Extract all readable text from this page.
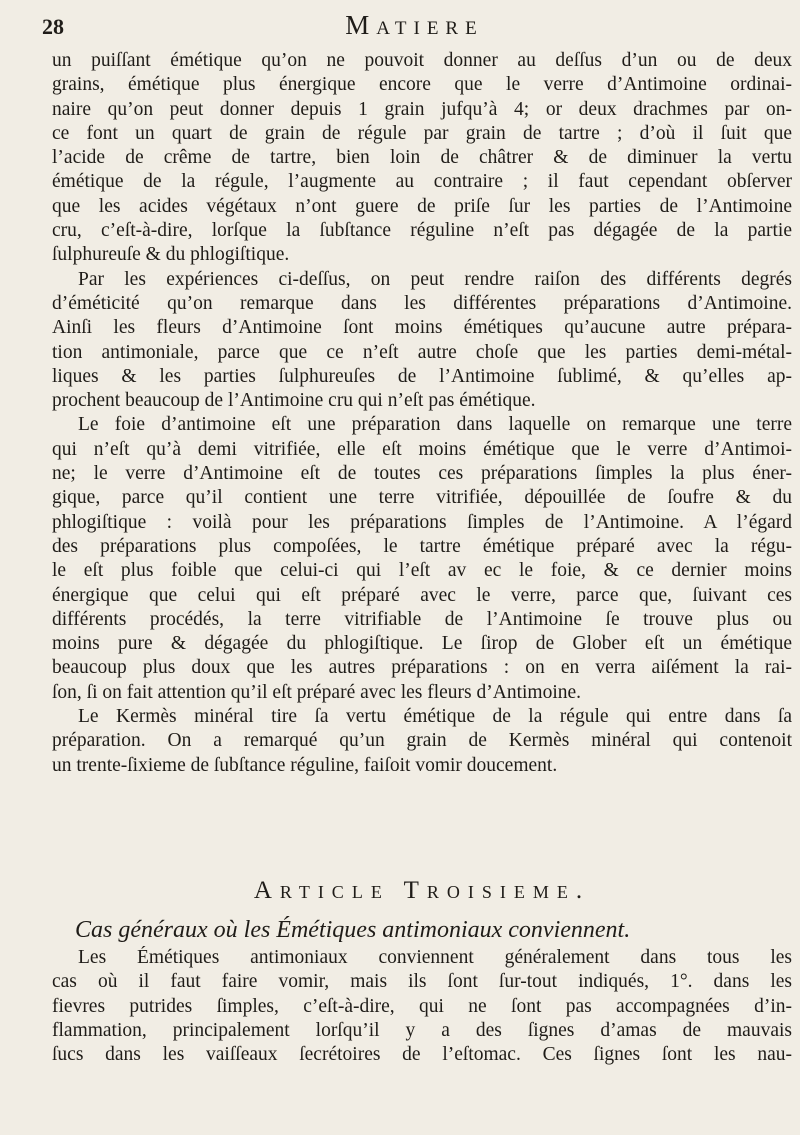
28	Matiere
un puiſſant émétique qu’on ne pouvoit donner au deſſus d’un ou de deux
grains, émétique plus énergique encore que le verre d’Antimoine ordinai-
naire qu’on peut donner depuis 1 grain jufqu’à 4; or deux drachmes par on-
ce font un quart de grain de régule par grain de tartre ; d’où il ſuit que
l’acide de crême de tartre, bien loin de châtrer & de diminuer la vertu
émétique de la régule, l’augmente au contraire ; il faut cependant obſerver
que les acides végétaux n’ont guere de priſe ſur les parties de l’Antimoine
cru, c’eſt-à-dire, lorſque la ſubſtance réguline n’eſt pas dégagée de la partie
ſulphureuſe & du phlogiſtique.
Par les expériences ci-deſſus, on peut rendre raiſon des différents degrés
d’éméticité qu’on remarque dans les différentes préparations d’Antimoine.
Ainſi les fleurs d’Antimoine ſont moins émétiques qu’aucune autre prépara-
tion antimoniale, parce que ce n’eſt autre choſe que les parties demi-métal-
liques & les parties ſulphureuſes de l’Antimoine ſublimé, & qu’elles ap-
prochent beaucoup de l’Antimoine cru qui n’eſt pas émétique.
Le foie d’antimoine eſt une préparation dans laquelle on remarque une terre
qui n’eſt qu’à demi vitrifiée, elle eſt moins émétique que le verre d’Antimoi-
ne; le verre d’Antimoine eſt de toutes ces préparations ſimples la plus éner-
gique, parce qu’il contient une terre vitrifiée, dépouillée de ſoufre & du
phlogiſtique : voilà pour les préparations ſimples de l’Antimoine. A l’égard
des préparations plus compoſées, le tartre émétique préparé avec la régu-
le eſt plus foible que celui-ci qui l’eſt av ec le foie, & ce dernier moins
énergique que celui qui eſt préparé avec le verre, parce que, ſuivant ces
différents procédés, la terre vitrifiable de l’Antimoine ſe trouve plus ou
moins pure & dégagée du phlogiſtique. Le ſirop de Glober eſt un émétique
beaucoup plus doux que les autres préparations : on en verra aiſément la rai-
ſon, ſi on fait attention qu’il eſt préparé avec les fleurs d’Antimoine.
Le Kermès minéral tire ſa vertu émétique de la régule qui entre dans ſa
préparation. On a remarqué qu’un grain de Kermès minéral qui contenoit
un trente-ſixieme de ſubſtance réguline, faiſoit vomir doucement.
Article Troisieme.
Cas généraux où les Émétiques antimoniaux conviennent.
Les Émétiques antimoniaux conviennent généralement dans tous les
cas où il faut faire vomir, mais ils ſont ſur-tout indiqués, 1°. dans les
fievres putrides ſimples, c’eſt-à-dire, qui ne ſont pas accompagnées d’in-
flammation, principalement lorſqu’il y a des ſignes d’amas de mauvais
ſucs dans les vaiſſeaux ſecrétoires de l’eſtomac. Ces ſignes ſont les nau-
